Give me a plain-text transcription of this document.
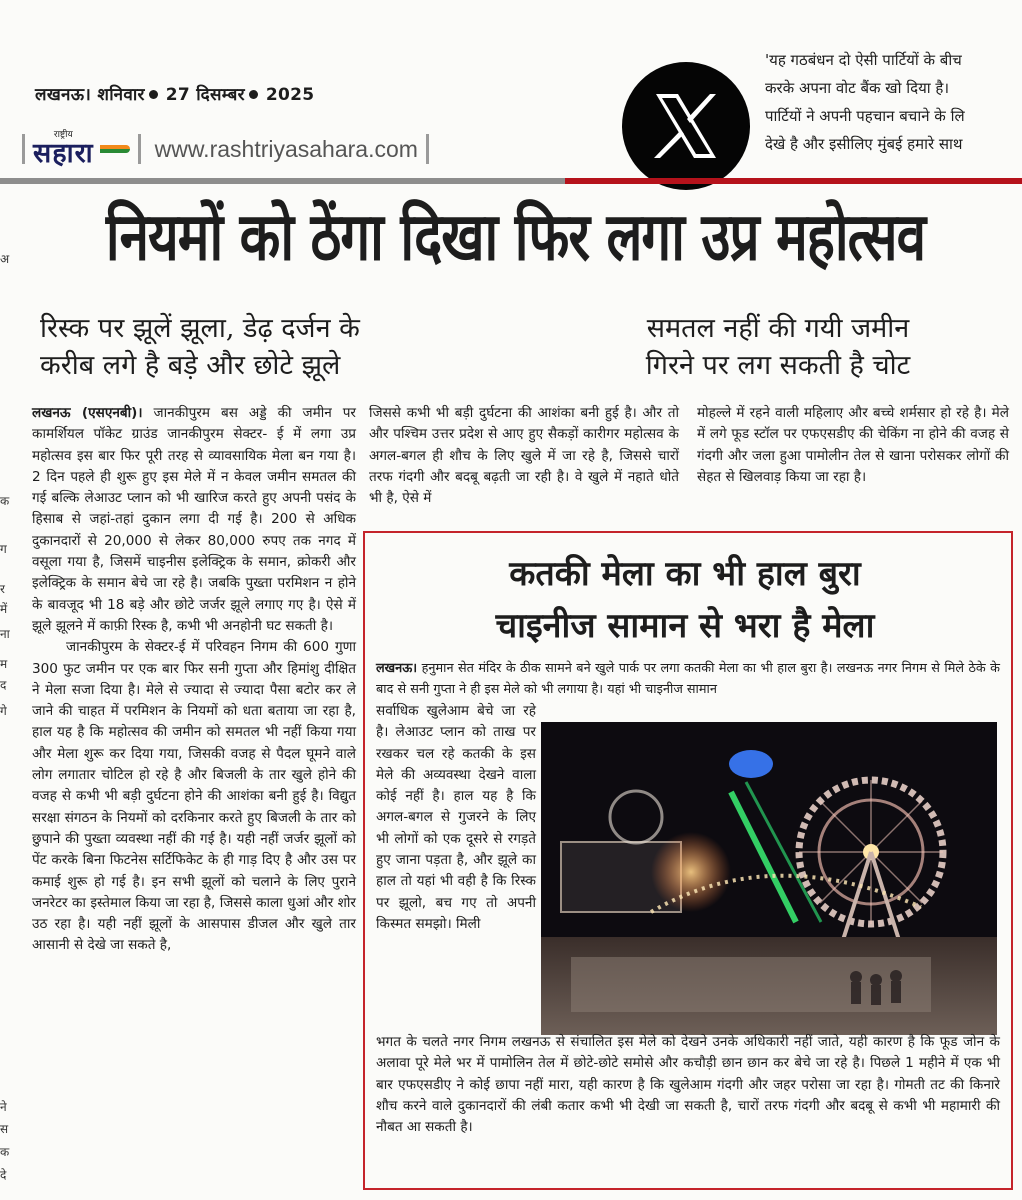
लखनऊ। शनिवार 27 दिसम्बर 2025
राष्ट्रीय
सहारा	www.rashtriyasahara.com
'यह गठबंधन दो ऐसी पार्टियों के बीच
करके अपना वोट बैंक खो दिया है।
पार्टियों ने अपनी पहचान बचाने के लि
देखे है और इसीलिए मुंबई हमारे साथ
अ
क
ग
र
में
ना
म
द
गे
ने
स
क
दे
नियमों को ठेंगा दिखा फिर लगा उप्र महोत्सव
रिस्क पर झूलें झूला, डेढ़ दर्जन के
करीब लगे है बड़े और छोटे झूले
समतल नहीं की गयी जमीन
गिरने पर लग सकती है चोट

लखनऊ (एसएनबी)। जानकीपुरम बस अड्डे की जमीन पर कामर्शियल पॉकेट ग्राउंड जानकीपुरम सेक्टर- ई में लगा उप्र महोत्सव इस बार फिर पूरी तरह से व्यावसायिक मेला बन गया है। 2 दिन पहले ही शुरू हुए इस मेले में न केवल जमीन समतल की गई बल्कि लेआउट प्लान को भी खारिज करते हुए अपनी पसंद के हिसाब से जहां-तहां दुकान लगा दी गई है। 200 से अधिक दुकानदारों से 20,000 से लेकर 80,000 रुपए तक नगद में वसूला गया है, जिसमें चाइनीस इलेक्ट्रिक के समान, क्रोकरी और इलेक्ट्रिक के समान बेचे जा रहे है। जबकि पुख्ता परमिशन न होने के बावजूद भी 18 बड़े और छोटे जर्जर झूले लगाए गए है। ऐसे में झूले झूलने में काफ़ी रिस्क है, कभी भी अनहोनी घट सकती है।

जानकीपुरम के सेक्टर-ई में परिवहन निगम की 600 गुणा 300 फुट जमीन पर एक बार फिर सनी गुप्ता और हिमांशु दीक्षित ने मेला सजा दिया है। मेले से ज्यादा से ज्यादा पैसा बटोर कर ले जाने की चाहत में परमिशन के नियमों को धता बताया जा रहा है, हाल यह है कि महोत्सव की जमीन को समतल भी नहीं किया गया और मेला शुरू कर दिया गया, जिसकी वजह से पैदल घूमने वाले लोग लगातार चोटिल हो रहे है और बिजली के तार खुले होने की वजह से कभी भी बड़ी दुर्घटना होने की आशंका बनी हुई है। विद्युत सरक्षा संगठन के नियमों को दरकिनार करते हुए बिजली के तार को छुपाने की पुख्ता व्यवस्था नहीं की गई है। यही नहीं जर्जर झूलों को पेंट करके बिना फिटनेस सर्टिफिकेट के ही गाड़ दिए है और उस पर कमाई शुरू हो गई है। इन सभी झूलों को चलाने के लिए पुराने जनरेटर का इस्तेमाल किया जा रहा है, जिससे काला धुआं और शोर उठ रहा है। यही नहीं झूलों के आसपास डीजल और खुले तार आसानी से देखे जा सकते है,

जिससे कभी भी बड़ी दुर्घटना की आशंका बनी हुई है। और तो और पश्चिम उत्तर प्रदेश से आए हुए सैकड़ों कारीगर महोत्सव के अगल-बगल ही शौच के लिए खुले में जा रहे है, जिससे चारों तरफ गंदगी और बदबू बढ़ती जा रही है। वे खुले में नहाते धोते भी है, ऐसे में

मोहल्ले में रहने वाली महिलाए और बच्चे शर्मसार हो रहे है। मेले में लगे फूड स्टॉल पर एफएसडीए की चेकिंग ना होने की वजह से गंदगी और जला हुआ पामोलीन तेल से खाना परोसकर लोगों की सेहत से खिलवाड़ किया जा रहा है।

कतकी मेला का भी हाल बुरा
चाइनीज सामान से भरा है मेला
लखनऊ। हनुमान सेत मंदिर के ठीक सामने बने खुले पार्क पर लगा कतकी मेला का भी हाल बुरा है। लखनऊ नगर निगम से मिले ठेके के बाद से सनी गुप्ता ने ही इस मेले को भी लगाया है। यहां भी चाइनीज सामान
सर्वाधिक खुलेआम बेचे जा रहे है। लेआउट प्लान को ताख पर रखकर चल रहे कतकी के इस मेले की अव्यवस्था देखने वाला कोई नहीं है। हाल यह है कि अगल-बगल से गुजरने के लिए भी लोगों को एक दूसरे से रगड़ते हुए जाना पड़ता है, और झूले का हाल तो यहां भी वही है कि रिस्क पर झूलो, बच गए तो अपनी किस्मत समझो। मिली
भगत के चलते नगर निगम लखनऊ से संचालित इस मेले को देखने उनके अधिकारी नहीं जाते, यही कारण है कि फूड जोन के अलावा पूरे मेले भर में पामोलिन तेल में छोटे-छोटे समोसे और कचौड़ी छान छान कर बेचे जा रहे है। पिछले 1 महीने में एक भी बार एफएसडीए ने कोई छापा नहीं मारा, यही कारण है कि खुलेआम गंदगी और जहर परोसा जा रहा है। गोमती तट की किनारे शौच करने वाले दुकानदारों की लंबी कतार कभी भी देखी जा सकती है, चारों तरफ गंदगी और बदबू से कभी भी महामारी की नौबत आ सकती है।
